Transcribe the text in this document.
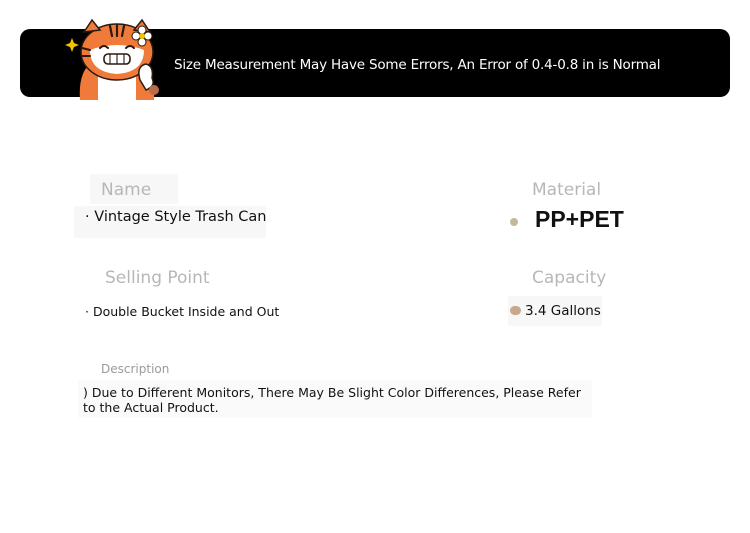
Size Measurement May Have Some Errors, An Error of 0.4-0.8 in is Normal
Name
· Vintage Style Trash Can
Material
PP+PET
Selling Point
· Double Bucket Inside and Out
Capacity
3.4 Gallons
Description
) Due to Different Monitors, There May Be Slight Color Differences, Please Refer
to the Actual Product.
